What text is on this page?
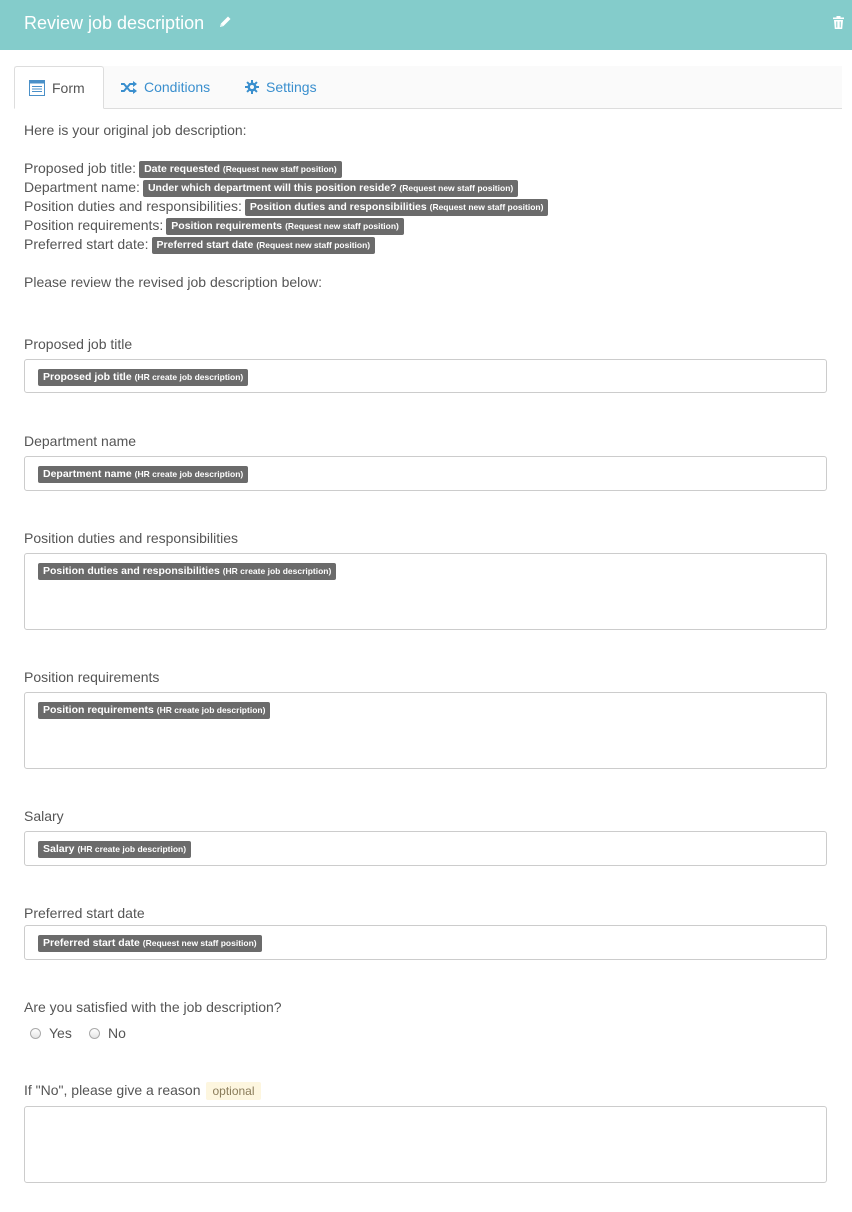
Review job description
Form	Conditions	Settings
Here is your original job description:
Proposed job title: Date requested (Request new staff position)
Department name: Under which department will this position reside? (Request new staff position)
Position duties and responsibilities: Position duties and responsibilities (Request new staff position)
Position requirements: Position requirements (Request new staff position)
Preferred start date: Preferred start date (Request new staff position)
Please review the revised job description below:
Proposed job title
Proposed job title (HR create job description)
Department name
Department name (HR create job description)
Position duties and responsibilities
Position duties and responsibilities (HR create job description)
Position requirements
Position requirements (HR create job description)
Salary
Salary (HR create job description)
Preferred start date
Preferred start date (Request new staff position)
Are you satisfied with the job description?
Yes	No
If "No", please give a reason optional
